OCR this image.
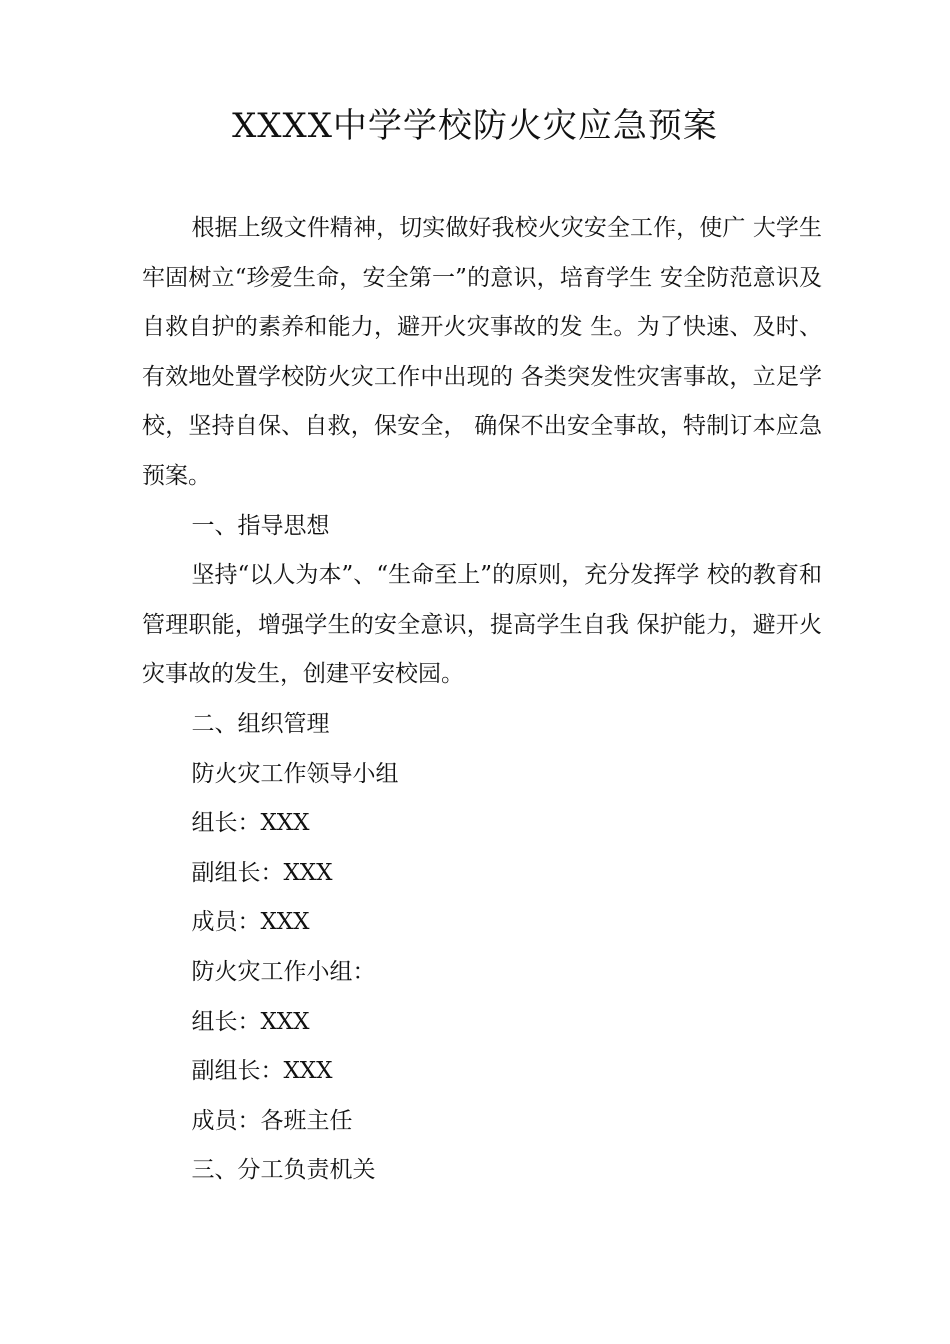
XXXX中学学校防火灾应急预案

根据上级文件精神，切实做好我校火灾安全工作，使广 大学生牢固树立“珍爱生命，安全第一”的意识，培育学生 安全防范意识及自救自护的素养和能力，避开火灾事故的发 生。为了快速、及时、有效地处置学校防火灾工作中出现的 各类突发性灾害事故，立足学校，坚持自保、自救，保安全， 确保不出安全事故，特制订本应急预案。

一、指导思想

坚持“以人为本”、“生命至上”的原则，充分发挥学 校的教育和管理职能，增强学生的安全意识，提高学生自我 保护能力，避开火灾事故的发生，创建平安校园。

二、组织管理

防火灾工作领导小组

组长：XXX

副组长：XXX

成员：XXX

防火灾工作小组：

组长：XXX

副组长：XXX

成员：各班主任

三、分工负责机关
